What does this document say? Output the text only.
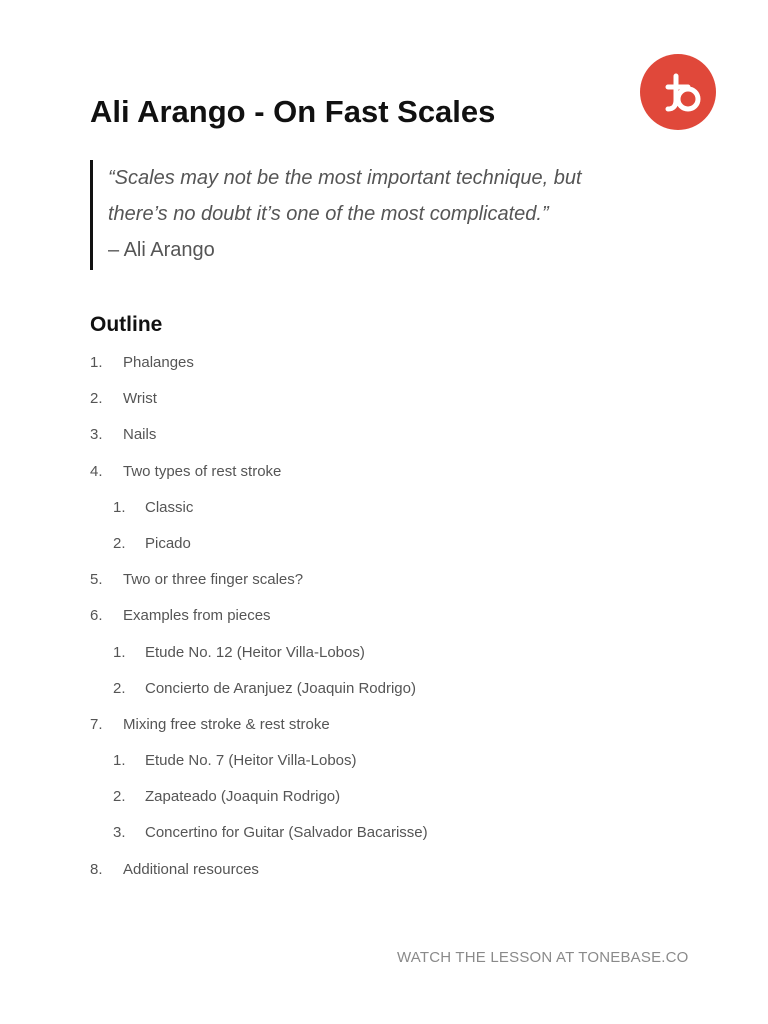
Ali Arango - On Fast Scales
“Scales may not be the most important technique, but
there’s no doubt it’s one of the most complicated.”
– Ali Arango
Outline
1. Phalanges
2. Wrist
3. Nails
4. Two types of rest stroke
1. Classic
2. Picado
5. Two or three finger scales?
6. Examples from pieces
1. Etude No. 12 (Heitor Villa-Lobos)
2. Concierto de Aranjuez (Joaquin Rodrigo)
7. Mixing free stroke & rest stroke
1. Etude No. 7 (Heitor Villa-Lobos)
2. Zapateado (Joaquin Rodrigo)
3. Concertino for Guitar (Salvador Bacarisse)
8. Additional resources
WATCH THE LESSON AT TONEBASE.CO
